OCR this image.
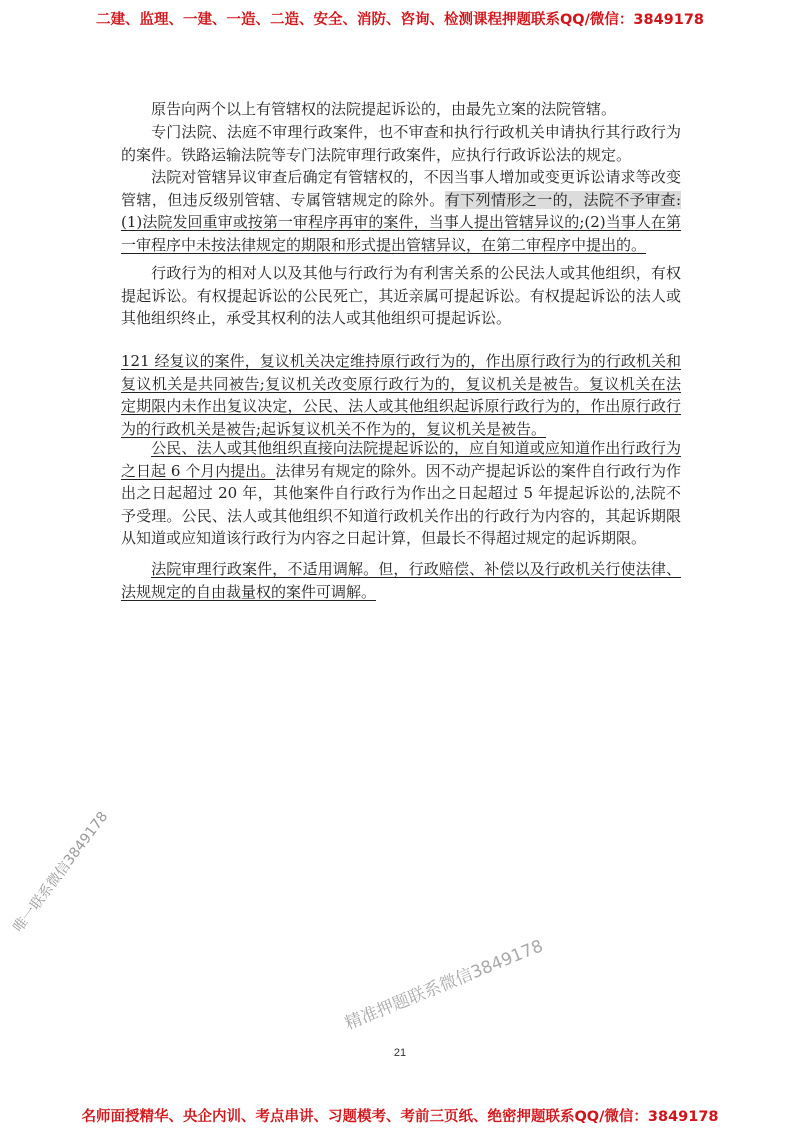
二建、监理、一建、一造、二造、安全、消防、咨询、检测课程押题联系QQ/微信：3849178
原告向两个以上有管辖权的法院提起诉讼的，由最先立案的法院管辖。
专门法院、法庭不审理行政案件，也不审查和执行行政机关申请执行其行政行为的案件。铁路运输法院等专门法院审理行政案件，应执行行政诉讼法的规定。
法院对管辖异议审查后确定有管辖权的，不因当事人增加或变更诉讼请求等改变管辖，但违反级别管辖、专属管辖规定的除外。有下列情形之一的，法院不予审查:(1)法院发回重审或按第一审程序再审的案件，当事人提出管辖异议的;(2)当事人在第一审程序中未按法律规定的期限和形式提出管辖异议，在第二审程序中提出的。
行政行为的相对人以及其他与行政行为有利害关系的公民法人或其他组织，有权提起诉讼。有权提起诉讼的公民死亡，其近亲属可提起诉讼。有权提起诉讼的法人或其他组织终止，承受其权利的法人或其他组织可提起诉讼。
121 经复议的案件，复议机关决定维持原行政行为的，作出原行政行为的行政机关和复议机关是共同被告;复议机关改变原行政行为的，复议机关是被告。复议机关在法定期限内未作出复议决定，公民、法人或其他组织起诉原行政行为的，作出原行政行为的行政机关是被告;起诉复议机关不作为的，复议机关是被告。
公民、法人或其他组织直接向法院提起诉讼的，应自知道或应知道作出行政行为之日起 6 个月内提出。法律另有规定的除外。因不动产提起诉讼的案件自行政行为作出之日起超过 20 年，其他案件自行政行为作出之日起超过 5 年提起诉讼的,法院不予受理。公民、法人或其他组织不知道行政机关作出的行政行为内容的，其起诉期限从知道或应知道该行政行为内容之日起计算，但最长不得超过规定的起诉期限。
法院审理行政案件，不适用调解。但，行政赔偿、补偿以及行政机关行使法律、法规规定的自由裁量权的案件可调解。
唯一联系微信3849178
精准押题联系微信3849178
21
名师面授精华、央企内训、考点串讲、习题模考、考前三页纸、绝密押题联系QQ/微信：3849178
